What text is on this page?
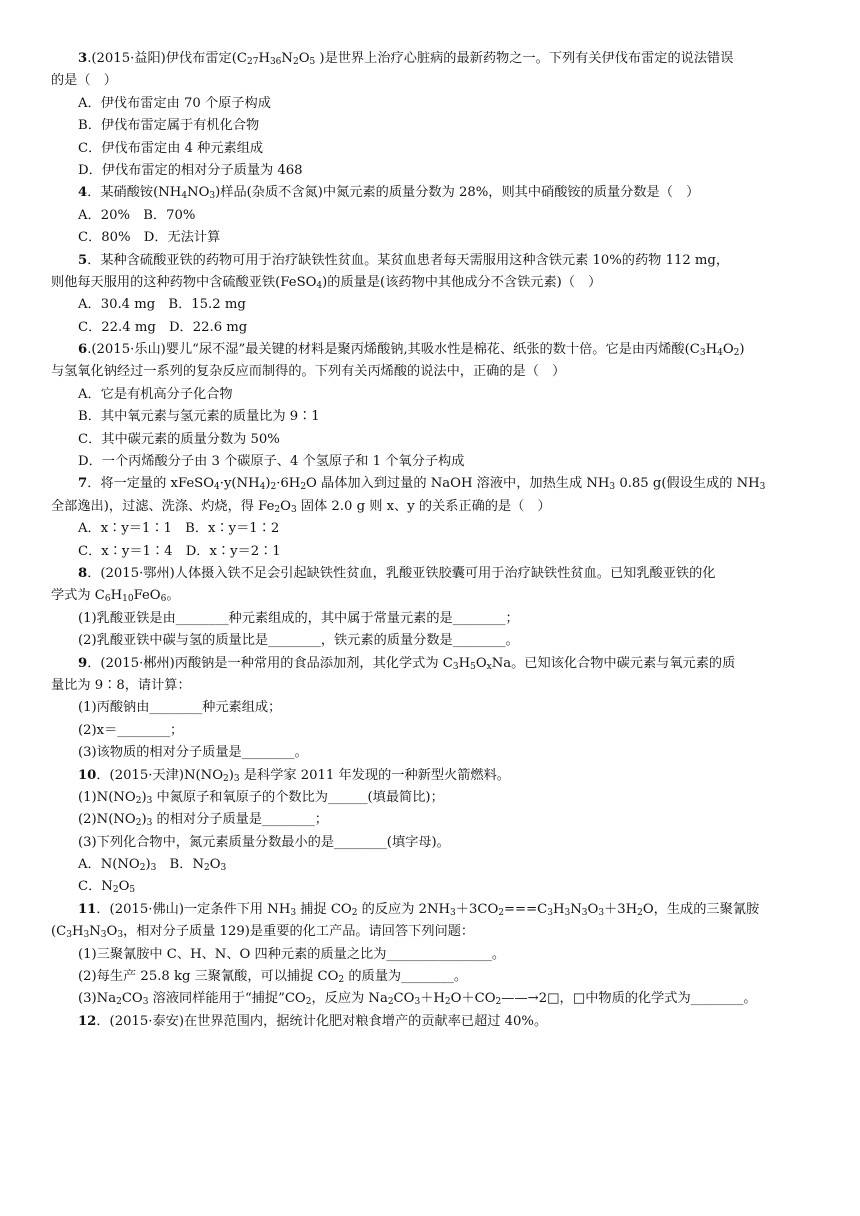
3.(2015·益阳)伊伐布雷定($C_{27}H_{36}N_2O_5$ )是世界上治疗心脏病的最新药物之一。下列有关伊伐布雷定的说法错误
的是（　）
A．伊伐布雷定由 70 个原子构成
B．伊伐布雷定属于有机化合物
C．伊伐布雷定由 4 种元素组成
D．伊伐布雷定的相对分子质量为 468
4．某硝酸铵$(NH_4NO_3)$样品(杂质不含氮)中氮元素的质量分数为 28%，则其中硝酸铵的质量分数是（　）
A．20%　B．70%
C．80%　D．无法计算
5．某种含硫酸亚铁的药物可用于治疗缺铁性贫血。某贫血患者每天需服用这种含铁元素 10%的药物 112 mg，
则他每天服用的这种药物中含硫酸亚铁(FeSO$_4$)的质量是(该药物中其他成分不含铁元素)（　）
A．30.4 mg　B．15.2 mg
C．22.4 mg　D．22.6 mg
6.(2015·乐山)婴儿“尿不湿”最关键的材料是聚丙烯酸钠,其吸水性是棉花、纸张的数十倍。它是由丙烯酸$(C_3H_4O_2)$
与氢氧化钠经过一系列的复杂反应而制得的。下列有关丙烯酸的说法中，正确的是（　）
A．它是有机高分子化合物
B．其中氧元素与氢元素的质量比为 9∶1
C．其中碳元素的质量分数为 50%
D．一个丙烯酸分子由 3 个碳原子、4 个氢原子和 1 个氧分子构成
7．将一定量的 $xFeSO_4\cdot y(NH_4)_2\cdot 6H_2O$ 晶体加入到过量的 NaOH 溶液中，加热生成 $NH_3$ 0.85 g(假设生成的 $NH_3$
全部逸出)，过滤、洗涤、灼烧，得 $Fe_2O_3$ 固体 2.0 g 则 x、y 的关系正确的是（　）
A．x∶y＝1∶1　B．x∶y＝1∶2
C．x∶y＝1∶4　D．x∶y＝2∶1
8．(2015·鄂州)人体摄入铁不足会引起缺铁性贫血，乳酸亚铁胶囊可用于治疗缺铁性贫血。已知乳酸亚铁的化
学式为 $C_6H_{10}FeO_6$。
(1)乳酸亚铁是由________种元素组成的，其中属于常量元素的是________；
(2)乳酸亚铁中碳与氢的质量比是________，铁元素的质量分数是________。
9．(2015·郴州)丙酸钠是一种常用的食品添加剂，其化学式为 $C_3H_5O_xNa$。已知该化合物中碳元素与氧元素的质
量比为 9∶8，请计算：
(1)丙酸钠由________种元素组成；
(2)x＝________；
(3)该物质的相对分子质量是________。
10．(2015·天津)$N(NO_2)_3$ 是科学家 2011 年发现的一种新型火箭燃料。
$(1)N(NO_2)_3$ 中氮原子和氧原子的个数比为______(填最简比)；
$(2)N(NO_2)_3$ 的相对分子质量是________；
(3)下列化合物中，氮元素质量分数最小的是________(填字母)。
A．$N(NO_2)_3$　B．$N_2O_3$
C．$N_2O_5$
11．(2015·佛山)一定条件下用 $NH_3$ 捕捉 $CO_2$ 的反应为 $2NH_3+3CO_2===C_3H_3N_3O_3+3H_2O$，生成的三聚氰胺
($C_3H_3N_3O_3$，相对分子质量 129)是重要的化工产品。请回答下列问题：
(1)三聚氰胺中 C、H、N、O 四种元素的质量之比为________________。
(2)每生产 25.8 kg 三聚氰酸，可以捕捉 $CO_2$ 的质量为________。
$(3)Na_2CO_3$ 溶液同样能用于“捕捉$”CO_2$，反应为 $Na_2CO_3+H_2O+CO_2——\to 2□$，□中物质的化学式为________。
12．(2015·泰安)在世界范围内，据统计化肥对粮食增产的贡献率已超过 40%。
